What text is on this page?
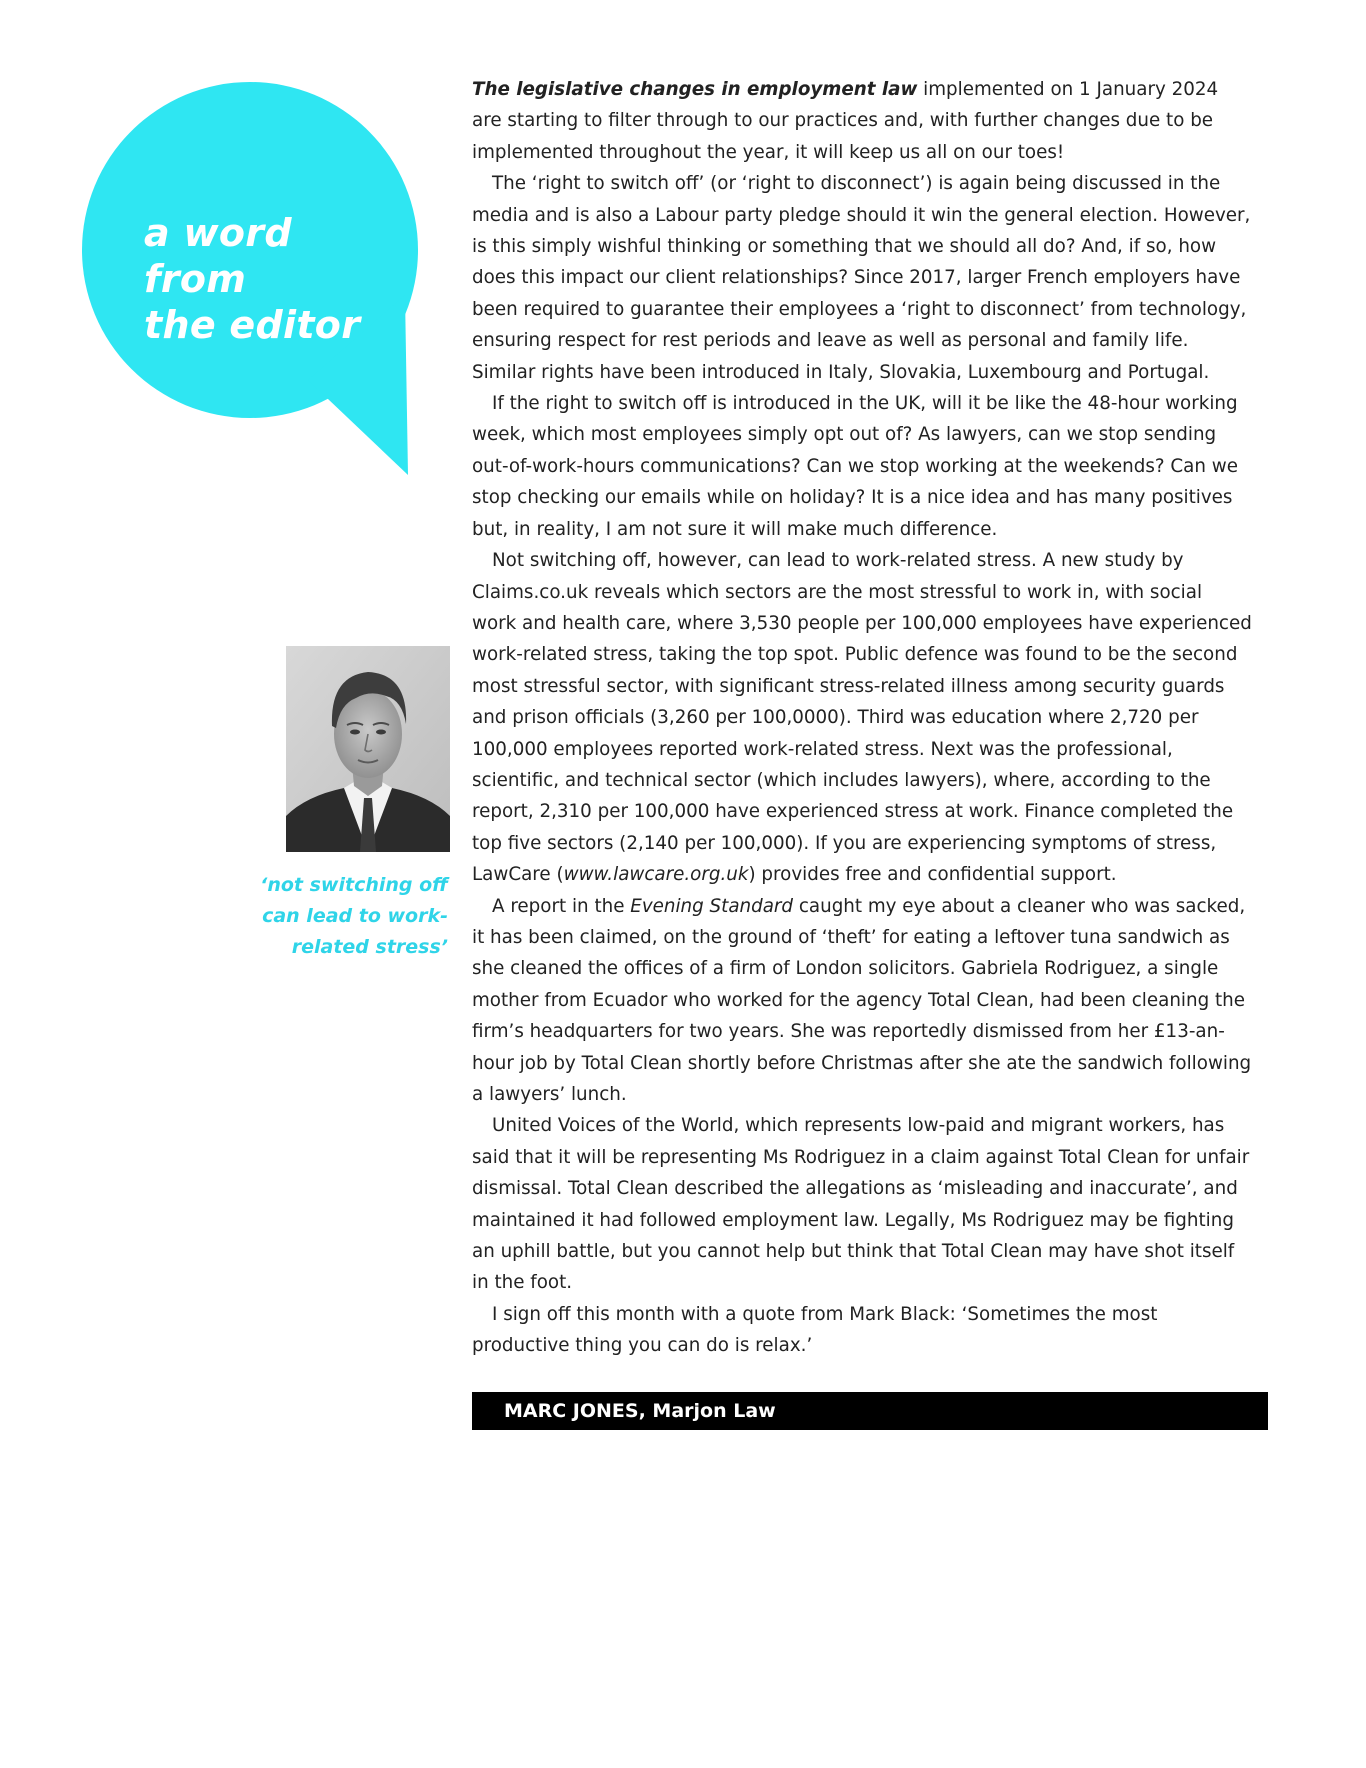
a word from
the editor
‘not switching off
can lead to work-
related stress’

The legislative changes in employment law implemented on 1 January 2024 are starting to filter through to our practices and, with further changes due to be implemented throughout the year, it will keep us all on our toes!

The ‘right to switch off’ (or ‘right to disconnect’) is again being discussed in the media and is also a Labour party pledge should it win the general election. However, is this simply wishful thinking or something that we should all do? And, if so, how does this impact our client relationships? Since 2017, larger French employers have been required to guarantee their employees a ‘right to disconnect’ from technology, ensuring respect for rest periods and leave as well as personal and family life. Similar rights have been introduced in Italy, Slovakia, Luxembourg and Portugal.

If the right to switch off is introduced in the UK, will it be like the 48-hour working week, which most employees simply opt out of? As lawyers, can we stop sending out-of-work-hours communications? Can we stop working at the weekends? Can we stop checking our emails while on holiday? It is a nice idea and has many positives but, in reality, I am not sure it will make much difference.

Not switching off, however, can lead to work-related stress. A new study by Claims.co.uk reveals which sectors are the most stressful to work in, with social work and health care, where 3,530 people per 100,000 employees have experienced work-related stress, taking the top spot. Public defence was found to be the second most stressful sector, with significant stress-related illness among security guards and prison officials (3,260 per 100,0000). Third was education where 2,720 per 100,000 employees reported work-related stress. Next was the professional, scientific, and technical sector (which includes lawyers), where, according to the report, 2,310 per 100,000 have experienced stress at work. Finance completed the top five sectors (2,140 per 100,000). If you are experiencing symptoms of stress, LawCare (www.lawcare.org.uk) provides free and confidential support.

A report in the Evening Standard caught my eye about a cleaner who was sacked, it has been claimed, on the ground of ‘theft’ for eating a leftover tuna sandwich as she cleaned the offices of a firm of London solicitors. Gabriela Rodriguez, a single mother from Ecuador who worked for the agency Total Clean, had been cleaning the firm’s headquarters for two years. She was reportedly dismissed from her £13-an-hour job by Total Clean shortly before Christmas after she ate the sandwich following a lawyers’ lunch.

United Voices of the World, which represents low-paid and migrant workers, has said that it will be representing Ms Rodriguez in a claim against Total Clean for unfair dismissal. Total Clean described the allegations as ‘misleading and inaccurate’, and maintained it had followed employment law. Legally, Ms Rodriguez may be fighting an uphill battle, but you cannot help but think that Total Clean may have shot itself in the foot.

I sign off this month with a quote from Mark Black: ‘Sometimes the most productive thing you can do is relax.’

MARC JONES, Marjon Law
